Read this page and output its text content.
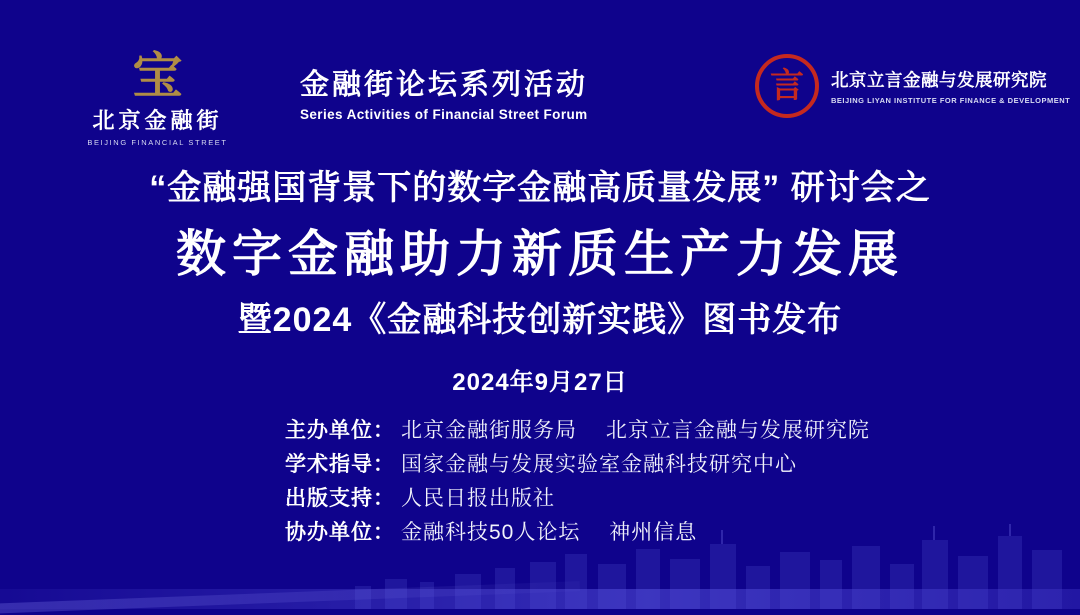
宝
北京金融街
BEIJING FINANCIAL STREET
金融街论坛系列活动
Series Activities of Financial Street Forum
言 北京立言金融与发展研究院
BEIJING LIYAN INSTITUTE FOR FINANCE & DEVELOPMENT
“金融强国背景下的数字金融高质量发展” 研讨会之
数字金融助力新质生产力发展
暨2024《金融科技创新实践》图书发布
2024年9月27日
主办单位： 北京金融街服务局　 北京立言金融与发展研究院
学术指导： 国家金融与发展实验室金融科技研究中心
出版支持： 人民日报出版社
协办单位： 金融科技50人论坛　 神州信息
